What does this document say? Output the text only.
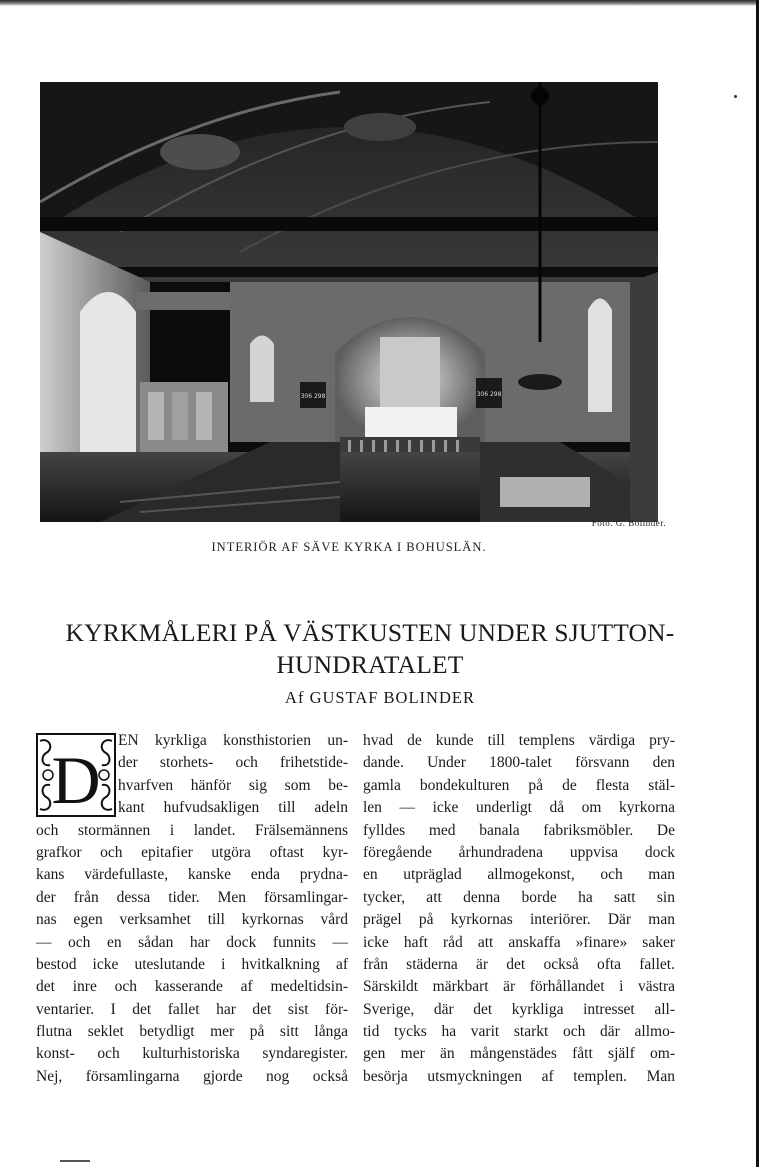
306 298	306 298
Foto. G. Bolinder.
INTERIÖR AF SÄVE KYRKA I BOHUSLÄN.
KYRKMÅLERI PÅ VÄSTKUSTEN UNDER SJUTTON-
HUNDRATALET
Af GUSTAF BOLINDER
D
EN kyrkliga konsthistorien un-
der storhets- och frihetstide-
hvarfven hänför sig som be-
kant hufvudsakligen till adeln
och stormännen i landet. Frälsemännens
grafkor och epitafier utgöra oftast kyr-
kans värdefullaste, kanske enda prydna-
der från dessa tider. Men församlingar-
nas egen verksamhet till kyrkornas vård
— och en sådan har dock funnits —
bestod icke uteslutande i hvitkalkning af
det inre och kasserande af medeltidsin-
ventarier. I det fallet har det sist för-
flutna seklet betydligt mer på sitt långa
konst- och kulturhistoriska syndaregister.
Nej, församlingarna gjorde nog också
hvad de kunde till templens värdiga pry-
dande. Under 1800-talet försvann den
gamla bondekulturen på de flesta stäl-
len — icke underligt då om kyrkorna
fylldes med banala fabriksmöbler. De
föregående århundradena uppvisa dock
en utpräglad allmogekonst, och man
tycker, att denna borde ha satt sin
prägel på kyrkornas interiörer. Där man
icke haft råd att anskaffa »finare» saker
från städerna är det också ofta fallet.
Särskildt märkbart är förhållandet i västra
Sverige, där det kyrkliga intresset all-
tid tycks ha varit starkt och där allmo-
gen mer än mångenstädes fått själf om-
besörja utsmyckningen af templen. Man
